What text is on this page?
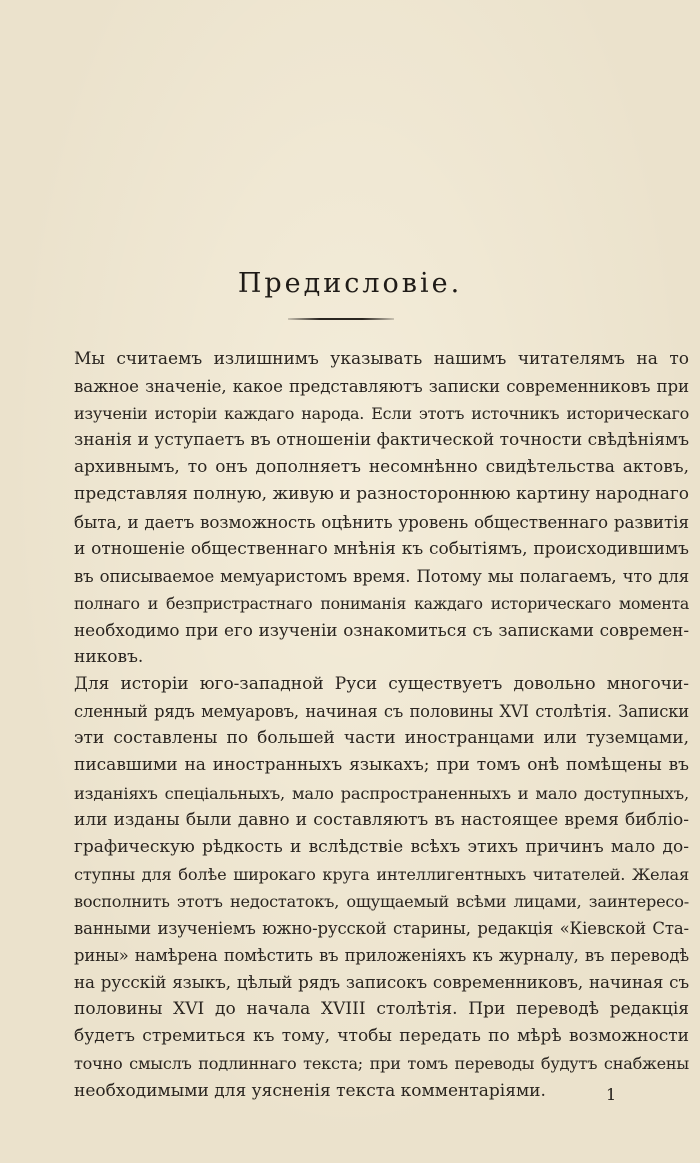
Предисловіе.

Мы считаемъ излишнимъ указывать нашимъ читателямъ на то
важное значеніе, какое представляютъ записки современниковъ при
изученіи исторіи каждаго народа. Если этотъ источникъ историческаго
знанія и уступаетъ въ отношеніи фактической точности свѣдѣніямъ
архивнымъ, то онъ дополняетъ несомнѣнно свидѣтельства актовъ,
представляя полную, живую и разностороннюю картину народнаго
быта, и даетъ возможность оцѣнить уровень общественнаго развитія
и отношеніе общественнаго мнѣнія къ событіямъ, происходившимъ
въ описываемое мемуаристомъ время. Потому мы полагаемъ, что для
полнаго и безпристрастнаго пониманія каждаго историческаго момента
необходимо при его изученіи ознакомиться съ записками современ-
никовъ.

Для исторіи юго-западной Руси существуетъ довольно многочи-
сленный рядъ мемуаровъ, начиная съ половины XVI столѣтія. Записки
эти составлены по большей части иностранцами или туземцами,
писавшими на иностранныхъ языкахъ; при томъ онѣ помѣщены въ
изданіяхъ спеціальныхъ, мало распространенныхъ и мало доступныхъ,
или изданы были давно и составляютъ въ настоящее время библіо-
графическую рѣдкость и вслѣдствіе всѣхъ этихъ причинъ мало до-
ступны для болѣе широкаго круга интеллигентныхъ читателей. Желая
восполнить этотъ недостатокъ, ощущаемый всѣми лицами, заинтересо-
ванными изученіемъ южно-русской старины, редакція «Кіевской Ста-
рины» намѣрена помѣстить въ приложеніяхъ къ журналу, въ переводѣ
на русскій языкъ, цѣлый рядъ записокъ современниковъ, начиная съ
половины XVI до начала XVIII столѣтія. При переводѣ редакція
будетъ стремиться къ тому, чтобы передать по мѣрѣ возможности
точно смыслъ подлиннаго текста; при томъ переводы будутъ снабжены
необходимыми для уясненія текста комментаріями.	1
